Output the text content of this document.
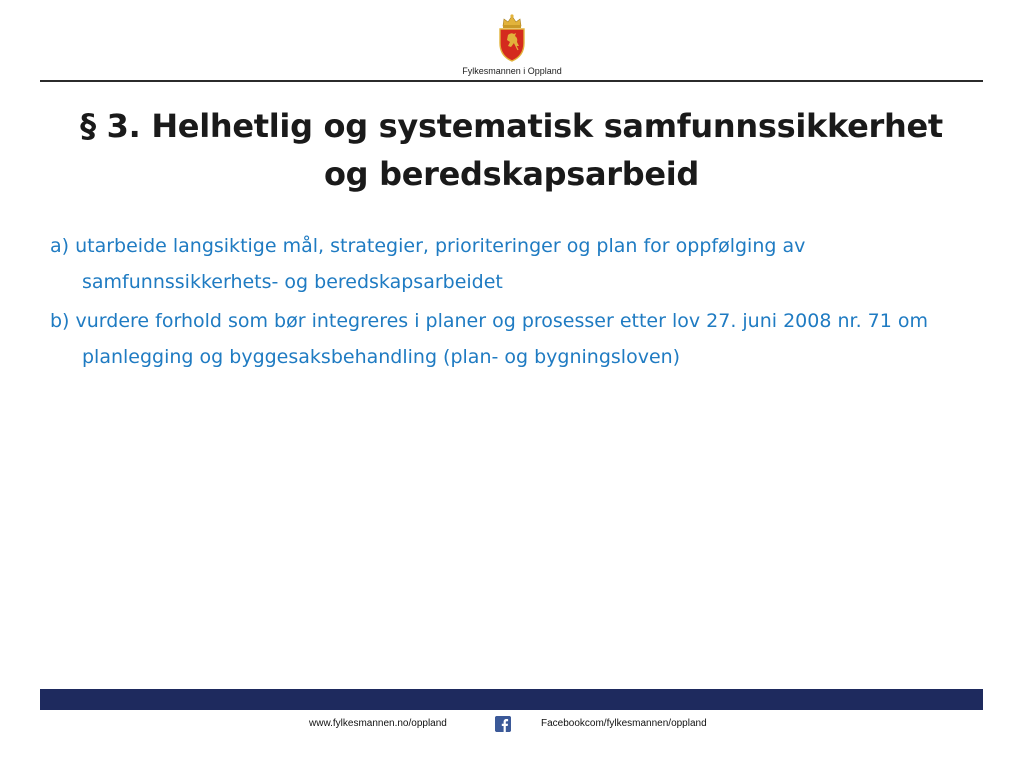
Fylkesmannen i Oppland
§ 3. Helhetlig og systematisk samfunnssikkerhet
og beredskapsarbeid
a) utarbeide langsiktige mål, strategier, prioriteringer og plan for oppfølging av samfunnssikkerhets- og beredskapsarbeidet
b) vurdere forhold som bør integreres i planer og prosesser etter lov 27. juni 2008 nr. 71 om planlegging og byggesaksbehandling (plan- og bygningsloven)
www.fylkesmannen.no/oppland	Facebookcom/fylkesmannen/oppland
